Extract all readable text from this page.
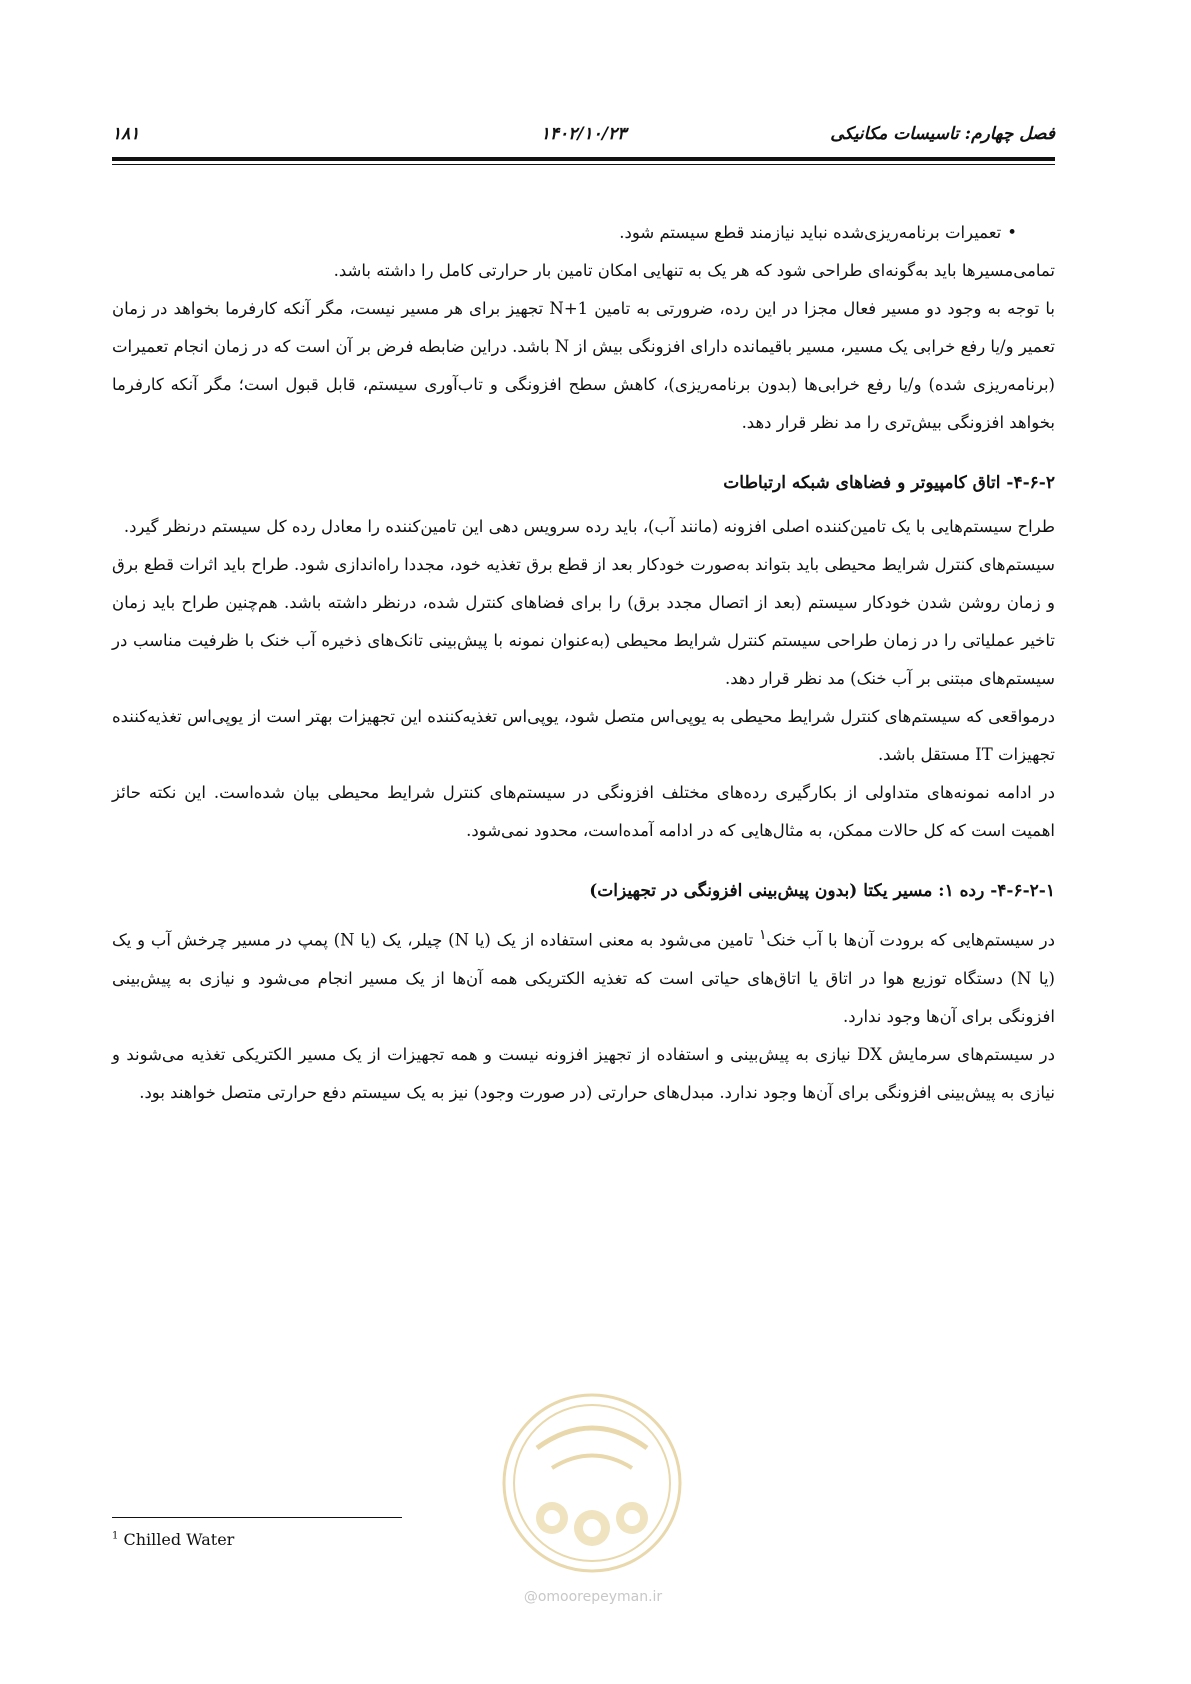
فصل چهارم: تاسیسات مکانیکی
۱۴۰۲/۱۰/۲۳
۱۸۱

•تعمیرات برنامه‌ریزی‌شده نباید نیازمند قطع سیستم شود.

تمامی‌مسیرها باید به‌گونه‌ای طراحی شود که هر یک به تنهایی امکان تامین بار حرارتی کامل را داشته باشد.

با توجه به وجود دو مسیر فعال مجزا در این رده، ضرورتی به تامین N+1 تجهیز برای هر مسیر نیست، مگر آنکه کارفرما بخواهد در زمان تعمیر و/یا رفع خرابی یک مسیر، مسیر باقیمانده دارای افزونگی بیش از N باشد. دراین ضابطه فرض بر آن است که در زمان انجام تعمیرات (برنامه‌ریزی شده) و/یا رفع خرابی‌ها (بدون برنامه‌ریزی)، کاهش سطح افزونگی و تاب‌آوری سیستم، قابل قبول است؛ مگر آنکه کارفرما بخواهد افزونگی بیش‌تری را مد نظر قرار دهد.

۴-۶-۲- اتاق کامپیوتر و فضاهای شبکه ارتباطات

طراح سیستم‌هایی با یک تامین‌کننده اصلی افزونه (مانند آب)، باید رده سرویس دهی این تامین‌کننده را معادل رده کل سیستم درنظر گیرد.

سیستم‌های کنترل شرایط محیطی باید بتواند به‌صورت خودکار بعد از قطع برق تغذیه خود، مجددا راه‌اندازی شود. طراح باید اثرات قطع برق و زمان روشن شدن خودکار سیستم (بعد از اتصال مجدد برق) را برای فضاهای کنترل شده، درنظر داشته باشد. هم‌چنین طراح باید زمان تاخیر عملیاتی را در زمان طراحی سیستم کنترل شرایط محیطی (به‌عنوان نمونه با پیش‌بینی تانک‌های ذخیره آب خنک با ظرفیت مناسب در سیستم‌های مبتنی بر آب خنک) مد نظر قرار دهد.

درمواقعی که سیستم‌های کنترل شرایط محیطی به یوپی‌اس متصل شود، یوپی‌اس تغذیه‌کننده این تجهیزات بهتر است از یوپی‌اس تغذیه‌کننده تجهیزات IT مستقل باشد.

در ادامه نمونه‌های متداولی از بکارگیری رده‌های مختلف افزونگی در سیستم‌های کنترل شرایط محیطی بیان شده‌است. این نکته حائز اهمیت است که کل حالات ممکن، به مثال‌هایی که در ادامه آمده‌است، محدود نمی‌شود.

۴-۶-۲-۱- رده ۱: مسیر یکتا (بدون پیش‌بینی افزونگی در تجهیزات)

در سیستم‌هایی که برودت آن‌ها با آب خنک$^۱$ تامین می‌شود به معنی استفاده از یک (یا N) چیلر، یک (یا N) پمپ در مسیر چرخش آب و یک (یا N) دستگاه توزیع هوا در اتاق یا اتاق‌های حیاتی است که تغذیه الکتریکی همه آن‌ها از یک مسیر انجام می‌شود و نیازی به پیش‌بینی افزونگی برای آن‌ها وجود ندارد.

در سیستم‌های سرمایش DX نیازی به پیش‌بینی و استفاده از تجهیز افزونه نیست و همه تجهیزات از یک مسیر الکتریکی تغذیه می‌شوند و نیازی به پیش‌بینی افزونگی برای آن‌ها وجود ندارد. مبدل‌های حرارتی (در صورت وجود) نیز به یک سیستم دفع حرارتی متصل خواهند بود.

@omoorepeyman.ir
$^1$ Chilled Water
